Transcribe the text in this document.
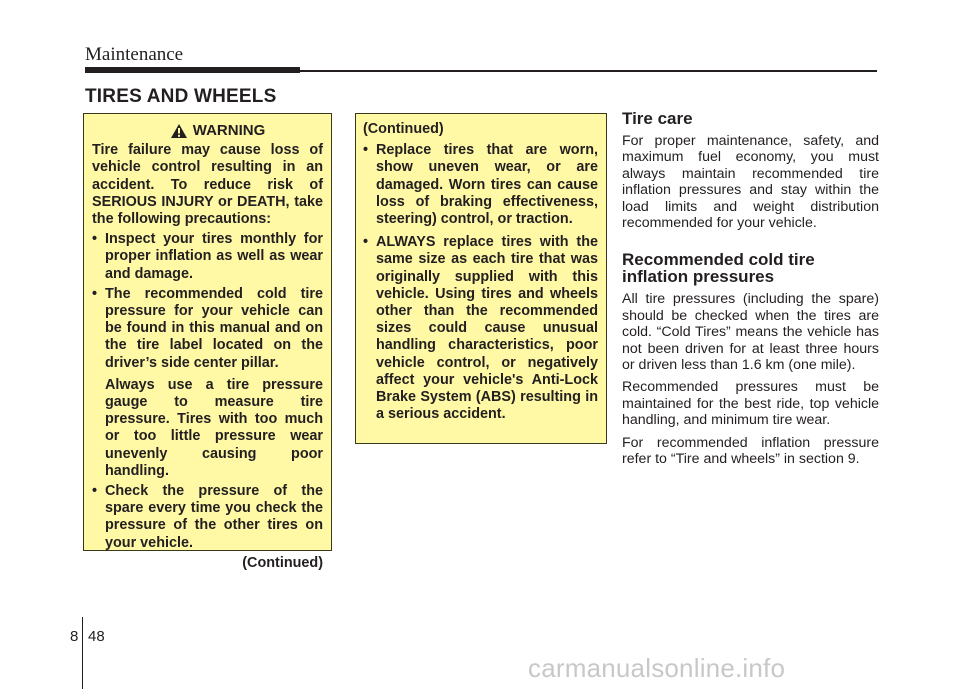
Maintenance
TIRES AND WHEELS
WARNING
Tire failure may cause loss of vehicle control resulting in an accident. To reduce risk of SERIOUS INJURY or DEATH, take the following precautions:
• Inspect your tires monthly for proper inflation as well as wear and damage.
• The recommended cold tire pressure for your vehicle can be found in this manual and on the tire label located on the driver’s side center pillar.
Always use a tire pressure gauge to measure tire pressure. Tires with too much or too little pressure wear unevenly causing poor handling.
• Check the pressure of the spare every time you check the pressure of the other tires on your vehicle.
(Continued)
(Continued)
• Replace tires that are worn, show uneven wear, or are damaged. Worn tires can cause loss of braking effectiveness, steering) control, or traction.
• ALWAYS replace tires with the same size as each tire that was originally supplied with this vehicle. Using tires and wheels other than the recommended sizes could cause unusual handling characteristics, poor vehicle control, or negatively affect your vehicle's Anti-Lock Brake System (ABS) resulting in a serious accident.
Tire care
For proper maintenance, safety, and maximum fuel economy, you must always maintain recommended tire inflation pressures and stay within the load limits and weight distribution recommended for your vehicle.
Recommended cold tire inflation pressures
All tire pressures (including the spare) should be checked when the tires are cold. “Cold Tires” means the vehicle has not been driven for at least three hours or driven less than 1.6 km (one mile).
Recommended pressures must be maintained for the best ride, top vehicle handling, and minimum tire wear.
For recommended inflation pressure refer to “Tire and wheels” in section 9.
8 48
carmanualsonline.info
